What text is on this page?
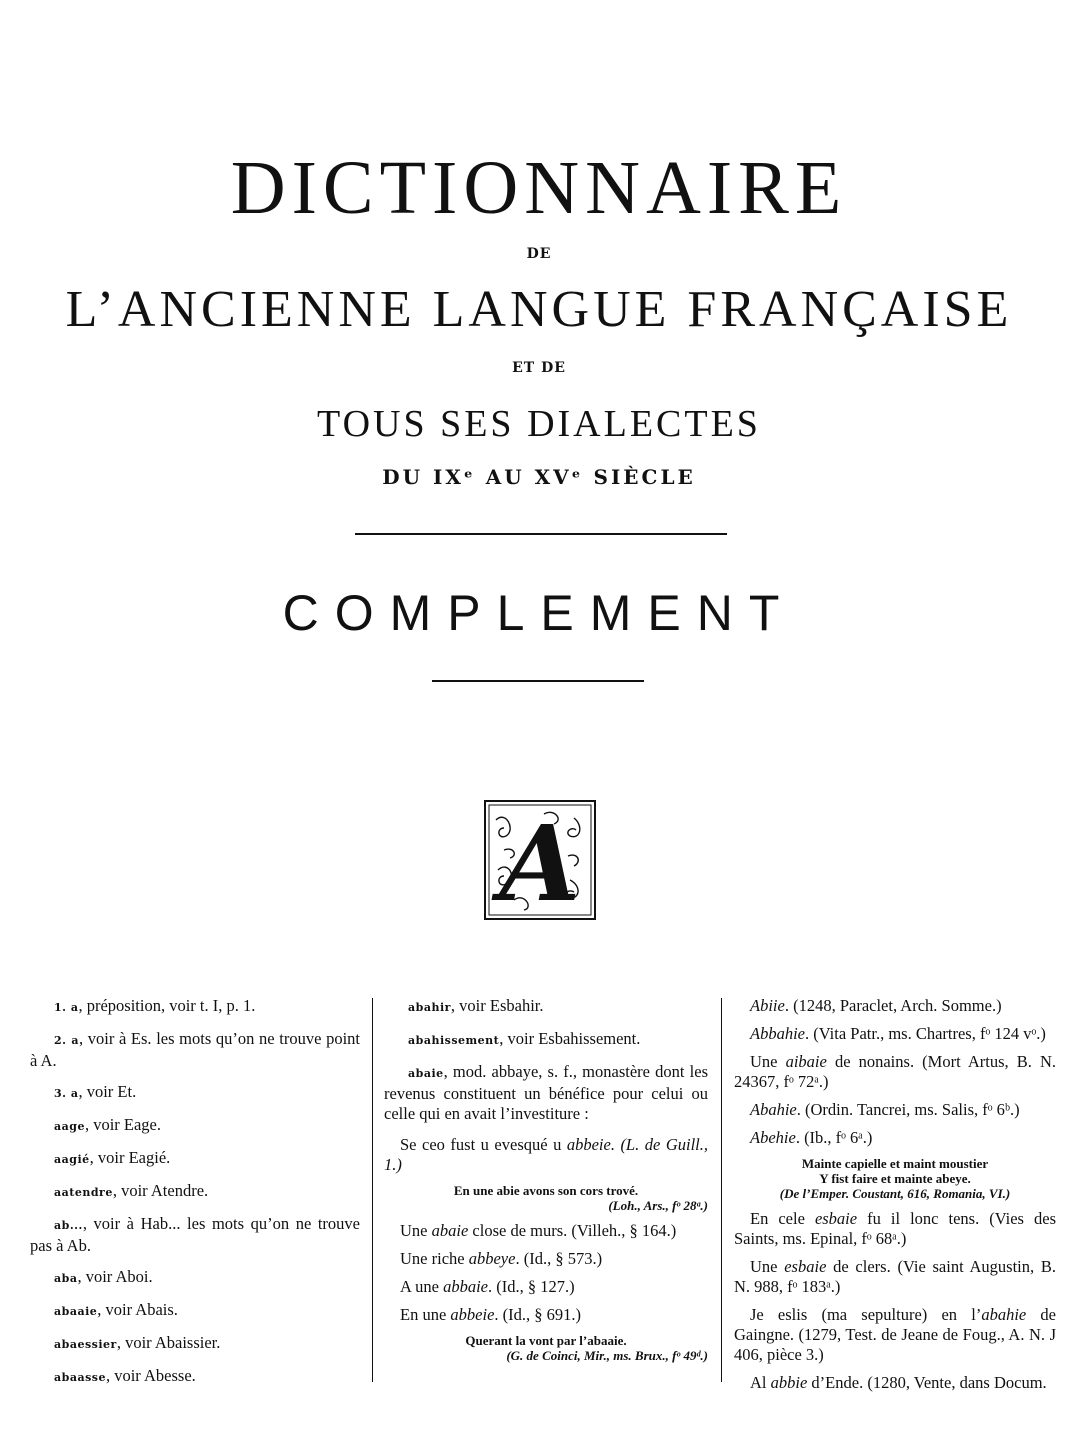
DICTIONNAIRE
DE
L’ANCIENNE LANGUE FRANÇAISE
ET DE
TOUS SES DIALECTES
DU IXᵉ AU XVᵉ SIÈCLE
COMPLEMENT
A

1. a, préposition, voir t. I, p. 1.

2. a, voir à Es. les mots qu’on ne trouve point à A.

3. a, voir Et.

aage, voir Eage.

aagié, voir Eagié.

aatendre, voir Atendre.

ab..., voir à Hab... les mots qu’on ne trouve pas à Ab.

aba, voir Aboi.

abaaie, voir Abais.

abaessier, voir Abaissier.

abaasse, voir Abesse.

abahir, voir Esbahir.

abahissement, voir Esbahissement.

abaie, mod. abbaye, s. f., monastère dont les revenus constituent un bénéfice pour celui ou celle qui en avait l’investiture :

Se ceo fust u evesqué u abbeie. (L. de Guill., 1.)

En une abie avons son cors trové.
(Loh., Ars., fᵒ 28ᵃ.)

Une abaie close de murs. (Villeh., § 164.)

Une riche abbeye. (Id., § 573.)

A une abbaie. (Id., § 127.)

En une abbeie. (Id., § 691.)

Querant la vont par l’abaaie.
(G. de Coinci, Mir., ms. Brux., fᵒ 49ᵈ.)

Abiie. (1248, Paraclet, Arch. Somme.)

Abbahie. (Vita Patr., ms. Chartres, fᵒ 124 vᵒ.)

Une aibaie de nonains. (Mort Artus, B. N. 24367, fᵒ 72ᵃ.)

Abahie. (Ordin. Tancrei, ms. Salis, fᵒ 6ᵇ.)

Abehie. (Ib., fᵒ 6ᵃ.)

Mainte capielle et maint moustier
Y fist faire et mainte abeye.
(De l’Emper. Coustant, 616, Romania, VI.)

En cele esbaie fu il lonc tens. (Vies des Saints, ms. Epinal, fᵒ 68ᵃ.)

Une esbaie de clers. (Vie saint Augustin, B. N. 988, fᵒ 183ᵃ.)

Je eslis (ma sepulture) en l’abahie de Gaingne. (1279, Test. de Jeane de Foug., A. N. J 406, pièce 3.)

Al abbie d’Ende. (1280, Vente, dans Docum.
